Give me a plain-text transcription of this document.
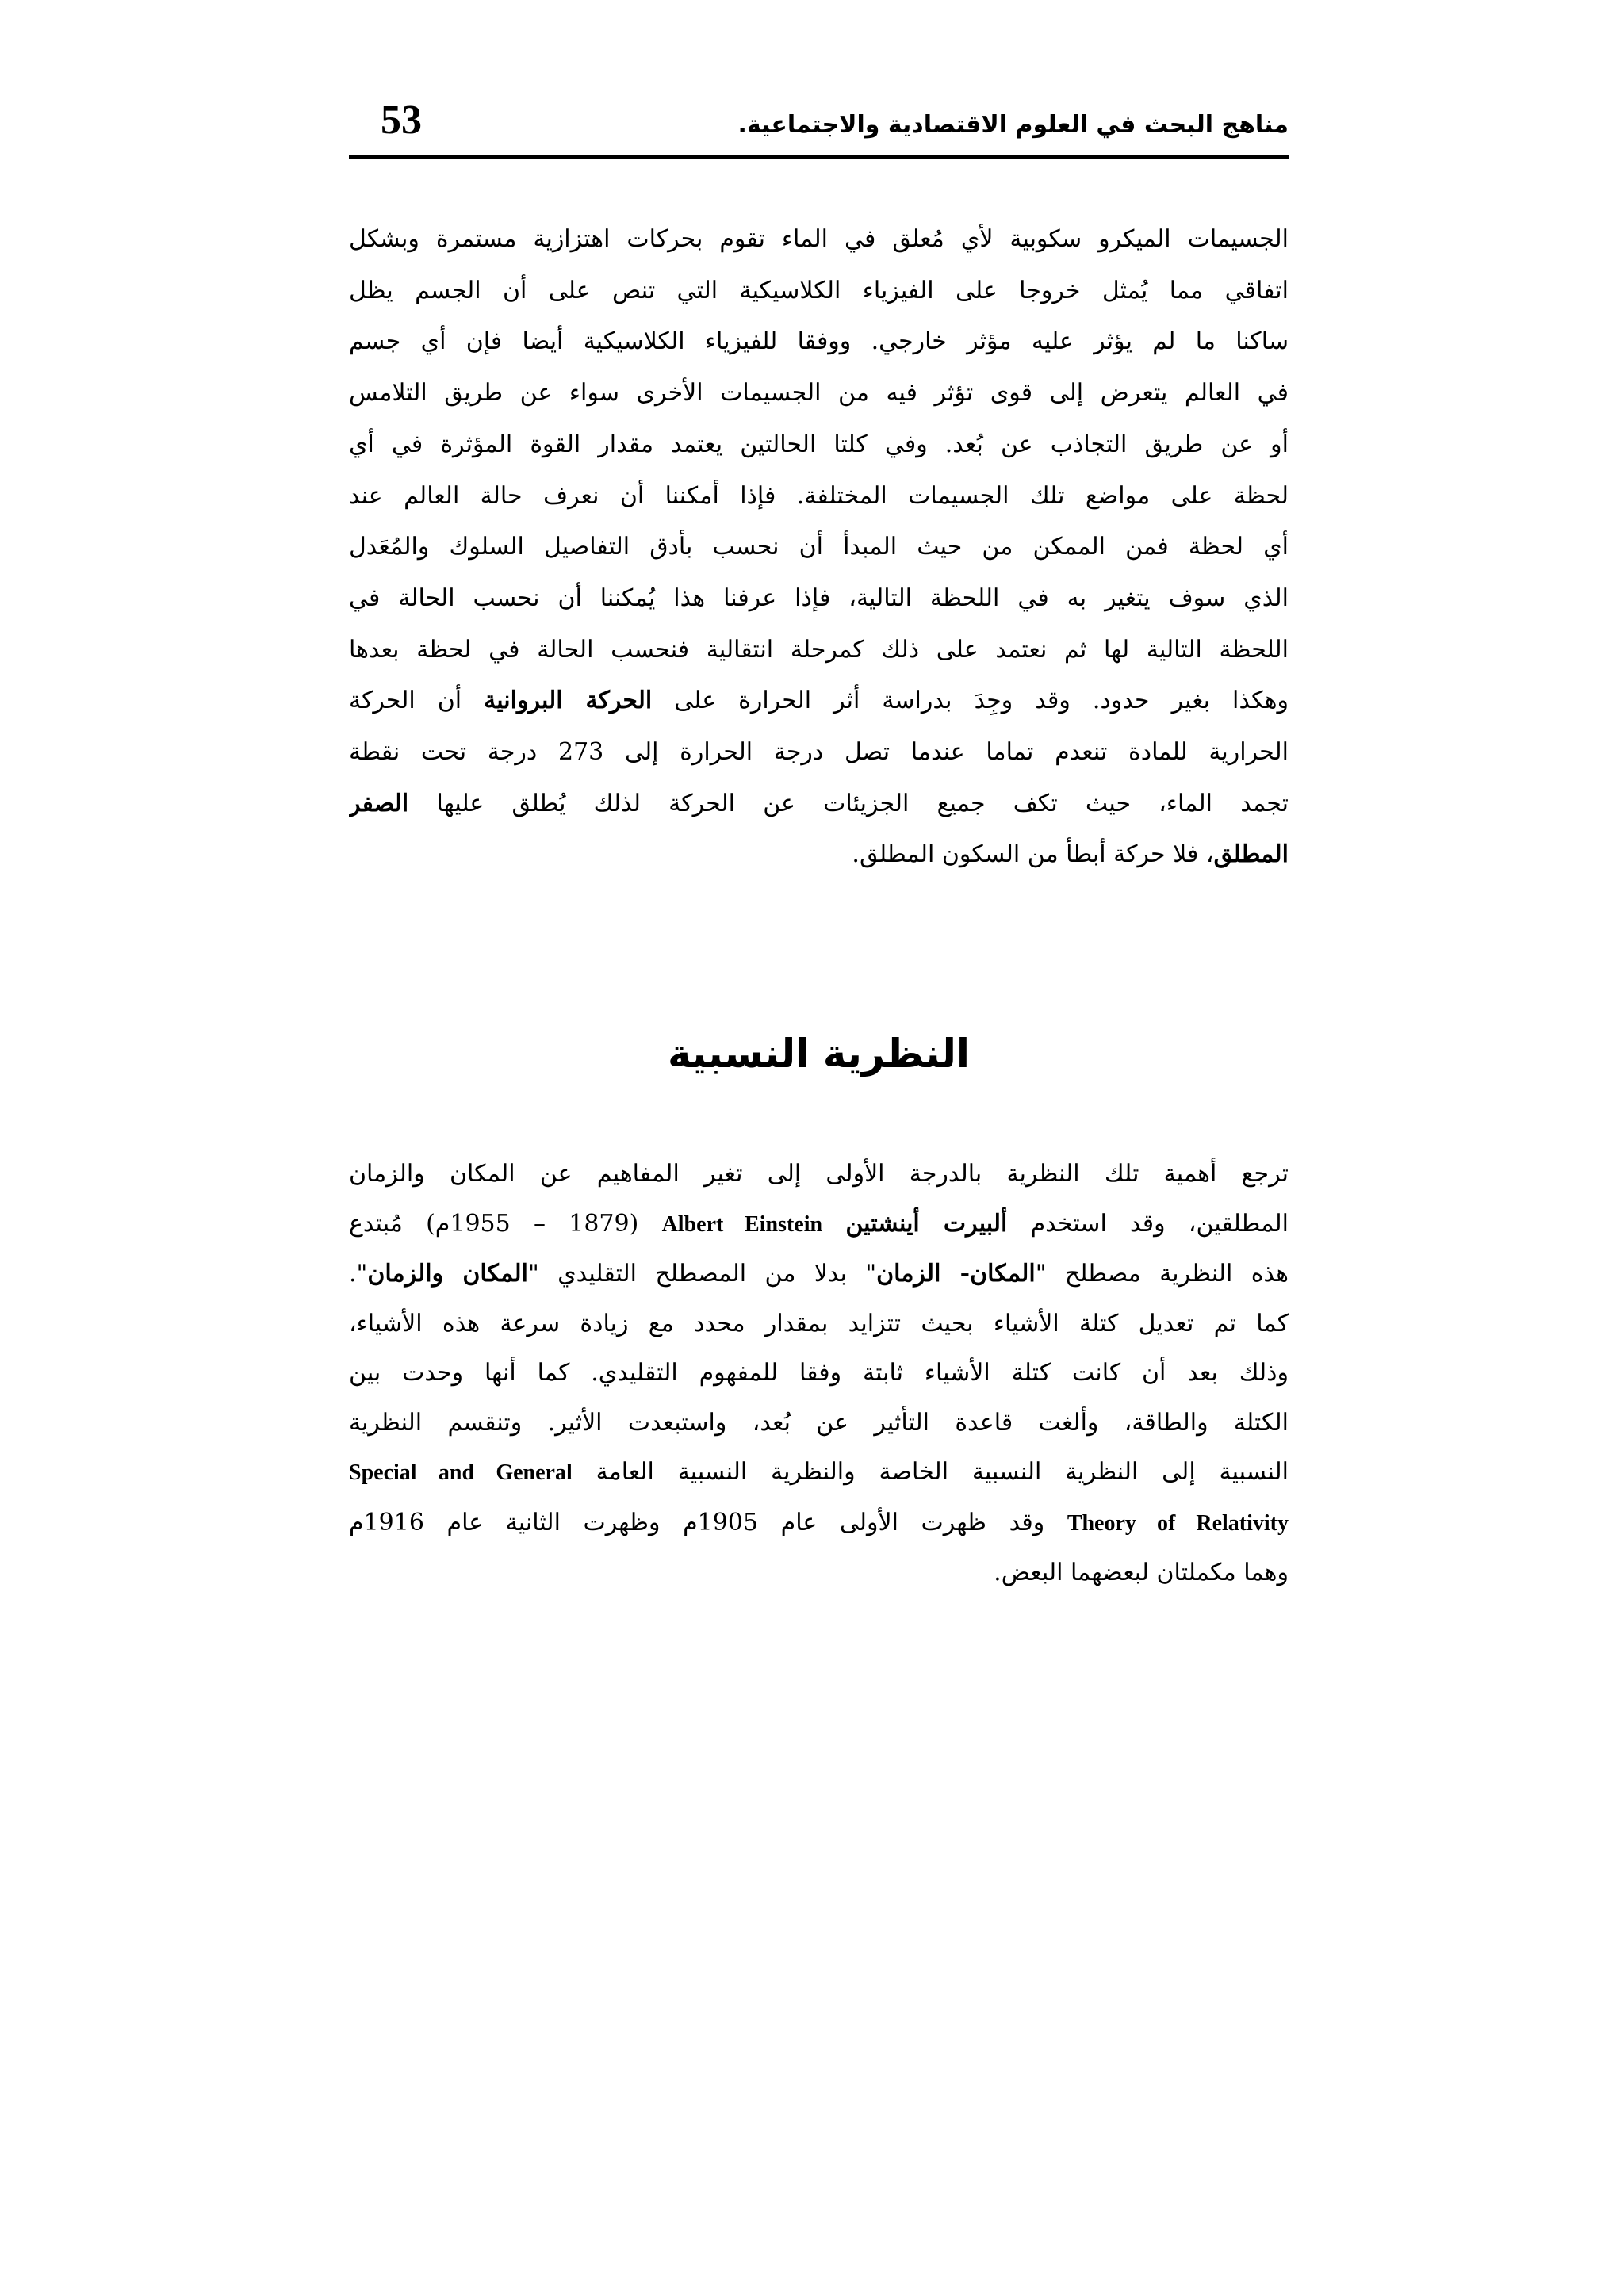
مناهج البحث في العلوم الاقتصادية والاجتماعية.
53
الجسيمات الميكرو سكوبية لأي مُعلق في الماء تقوم بحركات اهتزازية مستمرة وبشكل
اتفاقي مما يُمثل خروجا على الفيزياء الكلاسيكية التي تنص على أن الجسم يظل
ساكنا ما لم يؤثر عليه مؤثر خارجي. ووفقا للفيزياء الكلاسيكية أيضا فإن أي جسم
في العالم يتعرض إلى قوى تؤثر فيه من الجسيمات الأخرى سواء عن طريق التلامس
أو عن طريق التجاذب عن بُعد. وفي كلتا الحالتين يعتمد مقدار القوة المؤثرة في أي
لحظة على مواضع تلك الجسيمات المختلفة. فإذا أمكننا أن نعرف حالة العالم عند
أي لحظة فمن الممكن من حيث المبدأ أن نحسب بأدق التفاصيل السلوك والمُعَدل
الذي سوف يتغير به في اللحظة التالية، فإذا عرفنا هذا يُمكننا أن نحسب الحالة في
اللحظة التالية لها ثم نعتمد على ذلك كمرحلة انتقالية فنحسب الحالة في لحظة بعدها
وهكذا بغير حدود. وقد وجِدَ بدراسة أثر الحرارة على الحركة البروانية أن الحركة
الحرارية للمادة تنعدم تماما عندما تصل درجة الحرارة إلى 273 درجة تحت نقطة
تجمد الماء، حيث تكف جميع الجزيئات عن الحركة لذلك يُطلق عليها الصفر
المطلق، فلا حركة أبطأ من السكون المطلق.
النظرية النسبية
ترجع أهمية تلك النظرية بالدرجة الأولى إلى تغير المفاهيم عن المكان والزمان
المطلقين، وقد استخدم ألبيرت أينشتين Albert Einstein (1879 – 1955م) مُبتدع
هذه النظرية مصطلح "المكان- الزمان" بدلا من المصطلح التقليدي "المكان والزمان".
كما تم تعديل كتلة الأشياء بحيث تتزايد بمقدار محدد مع زيادة سرعة هذه الأشياء،
وذلك بعد أن كانت كتلة الأشياء ثابتة وفقا للمفهوم التقليدي. كما أنها وحدت بين
الكتلة والطاقة، وألغت قاعدة التأثير عن بُعد، واستبعدت الأثير. وتنقسم النظرية
النسبية إلى النظرية النسبية الخاصة والنظرية النسبية العامة Special and General
Theory of Relativity وقد ظهرت الأولى عام 1905م وظهرت الثانية عام 1916م
وهما مكملتان لبعضهما البعض.
